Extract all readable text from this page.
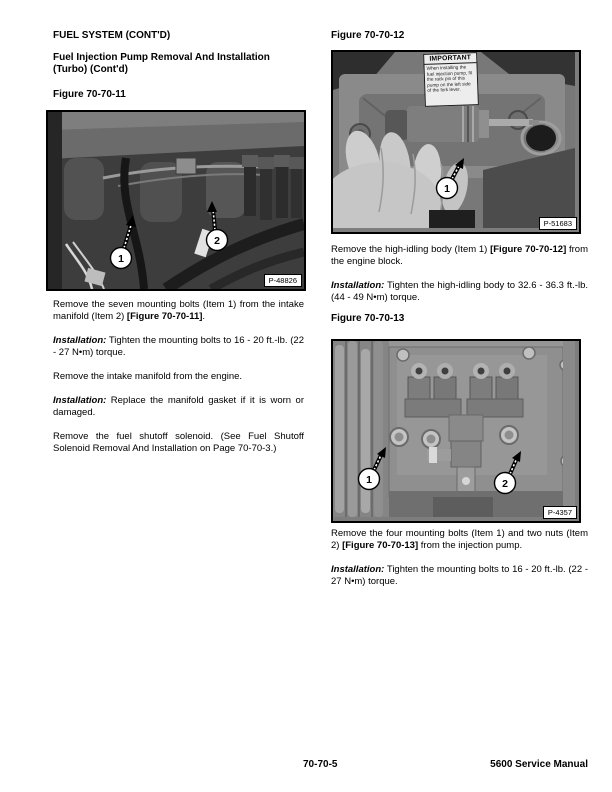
FUEL SYSTEM (CONT'D)
Fuel Injection Pump Removal And Installation
(Turbo) (Cont'd)
Figure 70-70-11
1
2
P-48826

Remove the seven mounting bolts (Item 1) from the intake manifold (Item 2) [Figure 70-70-11].

Installation: Tighten the mounting bolts to 16 - 20 ft.-lb. (22 - 27 N•m) torque.

Remove the intake manifold from the engine.

Installation: Replace the manifold gasket if it is worn or damaged.

Remove the fuel shutoff solenoid. (See Fuel Shutoff Solenoid Removal And Installation on Page 70-70-3.)

Figure 70-70-12
1
IMPORTANT
When installing the fuel injection pump, fit the rack pin of this pump on the left side of the fork lever.
P-51683

Remove the high-idling body (Item 1) [Figure 70-70-12] from the engine block.

Installation: Tighten the high-idling body to 32.6 - 36.3 ft.-lb. (44 - 49 N•m) torque.

Figure 70-70-13
1	2
P-4357

Remove the four mounting bolts (Item 1) and two nuts (Item 2) [Figure 70-70-13] from the injection pump.

Installation: Tighten the mounting bolts to 16 - 20 ft.-lb. (22 - 27 N•m) torque.

70-70-5	5600 Service Manual
